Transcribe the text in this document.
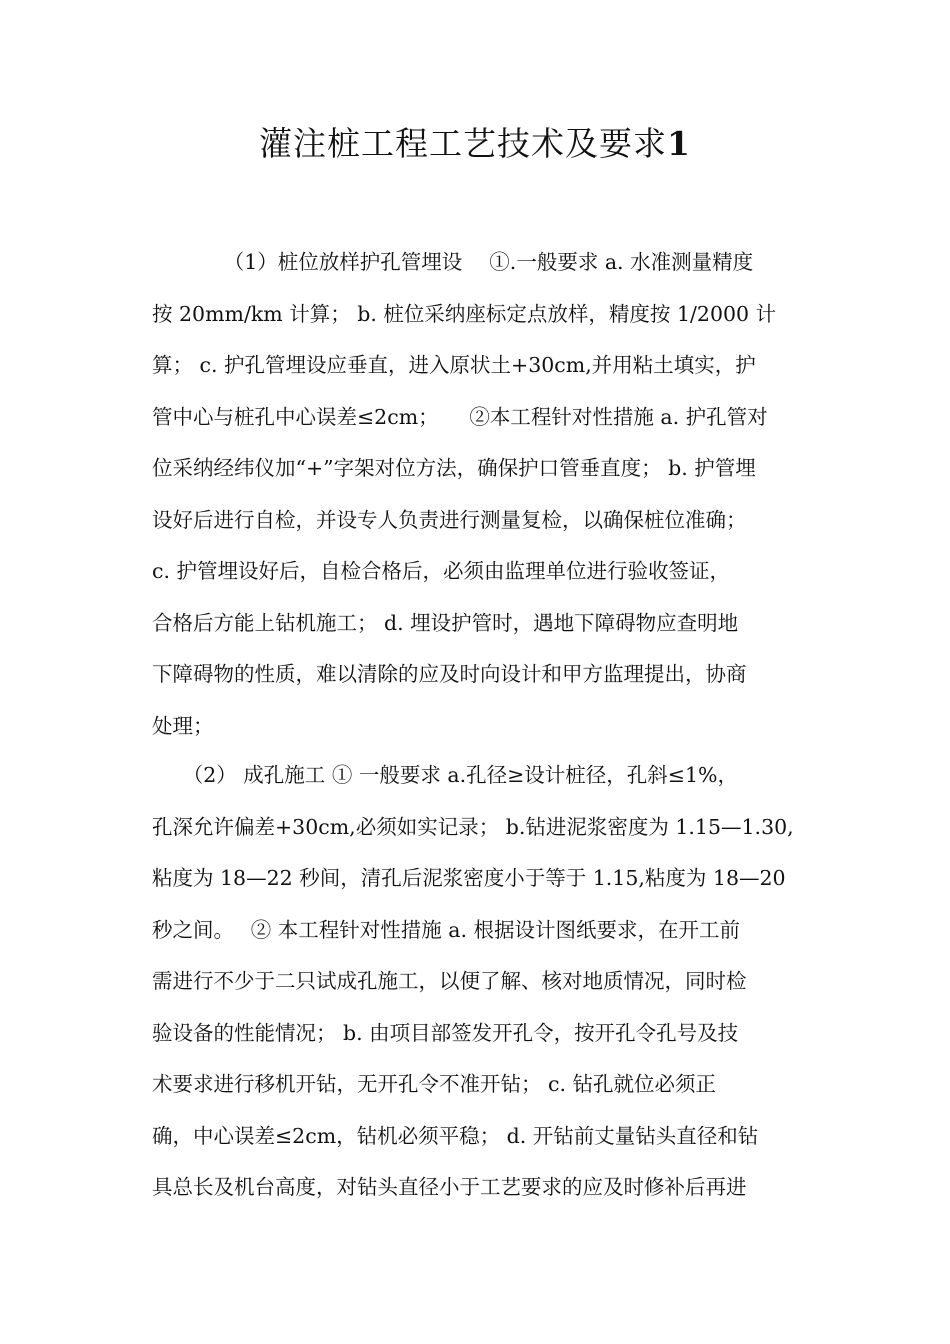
灌注桩工程工艺技术及要求1
　　　　（1）桩位放样护孔管埋设　 ①.一般要求 a. 水准测量精度
按 20mm/km 计算； b. 桩位采纳座标定点放样，精度按 1/2000 计
算； c. 护孔管埋设应垂直，进入原状土+30cm,并用粘土填实，护
管中心与桩孔中心误差≤2cm；　　②本工程针对性措施 a. 护孔管对
位采纳经纬仪加“+”字架对位方法，确保护口管垂直度； b. 护管埋
设好后进行自检，并设专人负责进行测量复检，以确保桩位准确；
c. 护管埋设好后，自检合格后，必须由监理单位进行验收签证，
合格后方能上钻机施工； d. 埋设护管时，遇地下障碍物应查明地
下障碍物的性质，难以清除的应及时向设计和甲方监理提出，协商
处理；
　　（2） 成孔施工 ① 一般要求 a.孔径≥设计桩径，孔斜≤1%，
孔深允许偏差+30cm,必须如实记录； b.钻进泥浆密度为 1.15—1.30,
粘度为 18—22 秒间，清孔后泥浆密度小于等于 1.15,粘度为 18—20
秒之间。　 ② 本工程针对性措施 a. 根据设计图纸要求，在开工前
需进行不少于二只试成孔施工，以便了解、核对地质情况，同时检
验设备的性能情况； b. 由项目部签发开孔令，按开孔令孔号及技
术要求进行移机开钻，无开孔令不准开钻； c. 钻孔就位必须正
确，中心误差≤2cm，钻机必须平稳； d. 开钻前丈量钻头直径和钻
具总长及机台高度，对钻头直径小于工艺要求的应及时修补后再进
